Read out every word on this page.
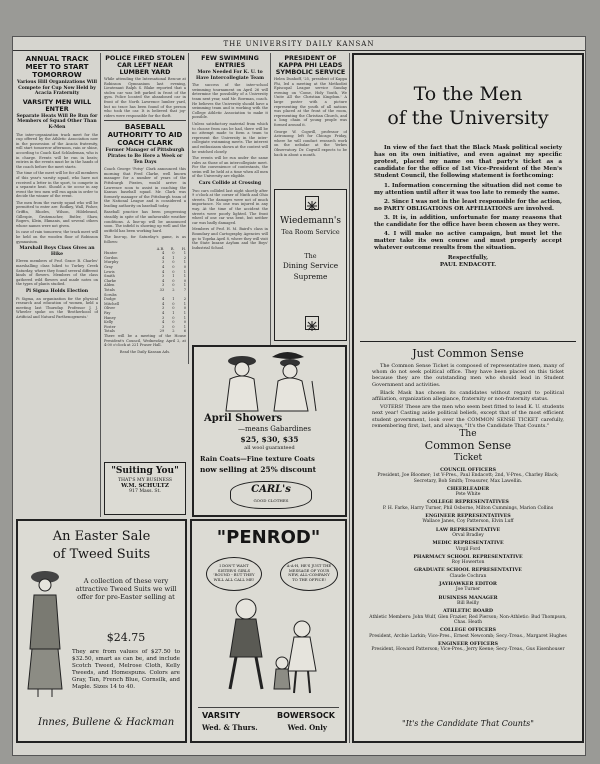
THE UNIVERSITY DAILY KANSAN
ANNUAL TRACK MEET TO START TOMORROW
Various Hill Organizations Will Compete for Cup Now Held by Acacia Fraternity
VARSITY MEN WILL ENTER
Separate Heats Will Be Run for Members of Squad Other Than K-Men

The inter-organization track meet for the cup offered by the Athletic Association now in the possession of the Acacia fraternity, will start tomorrow afternoon, rain or shine, according to Coach Karl Schlademan, who is in charge. Events will be run in heats; entries in the events must be in the hands of the coach before the meet starts.

The time of the meet will be for all members of this year's varsity squad, who have not received a letter in the sport, to compete in a separate heat. Should a tie occur in any event the two men will run again in order to decide the winner of the event.

The men from the varsity squad who will be permitted to enter are: Rodkey, Wall, Fisher, Griffin, Rhodes, Wilson, Hildebrand, Gillespie, Grutzmacher, Butler, Shaw, Rogers, Klein, Ekmanis, and several others whose names were not given.

In case of rain tomorrow, the track meet will be held on the wooden floor of Robinson gymnasium.

Marshall Boys Class Gives an Hike

Eleven members of Prof. Grace B. Charles' marshalling class hiked to Turkey Creek Saturday, where they found several different kinds of flowers. Members of the class gathered wild flowers and made notes on the types of plants studied.

Pi Sigma Holds Election

Pi Sigma, an organization for the physical research and education of women, held a meeting last Thursday. Professor J. J. Wheeler spoke on the 'Brotherhood of Artificial and Natural Parthenogenesis.'

POLICE FIRED STOLEN CAR LEFT NEAR LUMBER YARD

While attending the International Rescue at Robinson Gymnasium last evening, Lieutenant Ralph S. Blake reported that a stolen car was left parked in front of the gym. Police located the abandoned car in front of the North Lawrence lumber yard, but no trace has been found of the person who took the car. It is believed that joy-riders were responsible for the theft.

BASEBALL AUTHORITY TO AID COACH CLARK
Former Manager of Pittsburgh Pirates to Be Here a Week or Ten Days

Coach George 'Potsy' Clark announced this morning that Fred Clarke, well known manager for a number of years of the Pittsburgh Pirates, would arrive in Lawrence soon to assist in coaching the Kansas baseball squad. Mr. Clark was formerly manager of the Pittsburgh team of the National League and is considered a leading authority on baseball today.

Baseball practice has been progressing steadily in spite of the unfavorable weather conditions. A line-up will be announced soon. The infield is showing up well and the outfield has been working hard.

The line-up, for Saturday's game, is as follows:

	A.B.	R.	H.
Hunter	4	0	1
Gordon	4	1	2
Murphy	3	0	1
Gray	4	0	0
Lewis	4	0	1
Smith	3	1	1
Clarke	4	0	0
Alden	3	0	1
Totals	33	2	7
Scrubs			
Dodge	4	1	2
Mitchell	4	0	1
Oliver	3	0	0
Fay	4	1	1
Haney	3	0	1
Kelly	4	0	0
Foster	3	0	1
Totals	29	2	6

There will be a meeting of the House President's Council, Wednesday, April 2, at 4:00 o'clock at 221 Fraser Hall.

Read the Daily Kansan Ads.

"Suiting You"
THAT'S MY BUSINESS
W.M. SCHULTZ
917 Mass. St.
FEW SWIMMING ENTRIES
More Needed For K. U. to Have Intercollegiate Team

The success of the inter-school swimming tournament on April 26 will determine the possibility of a University team next year, said Mr. Bowman, coach. He believes the University should have a swimming team and is working with the College Athletic Association to make it possible.

Unless satisfactory material from which to choose from can be had, there will be no attempt made to form a team to represent the University in the inter-collegiate swimming meets. The interest and enthusiasm shown at the contest will be watched closely.

The events will be run under the same rules as those of an intercollegiate meet. For the convenience of contestants, the swim will be held at a time when all men of the University are eligible.

Cars Collide at Crossing

Two cars collided last night shortly after 9 o'clock at the corner of Ninth and Ohio streets. The damages were not of much importance. No one was injured in any way. At the time of the accident the streets were poorly lighted. The front wheel of one car was bent, but neither car was badly damaged.

Members of Prof. H. M. Baird's class in Boundary and Cartography Agencies will go to Topeka April 8, where they will visit the State Insane Asylum and the Boys' Industrial School.

PRESIDENT OF KAPPA PHI LEADS SYMBOLIC SERVICE

Helen Dunhoff, '25, president of Kappa Phi, led a meeting at the Methodist Episcopal League service Sunday evening on 'Come, Holy Youth, We Unite All the Christian Kingdom.' A large poster with a picture representing the youth of all nations was placed at the front of the room, representing the Christian Church, and a long chain of young people was formed around it.

George W. Cogwill, professor of Astronomy, left for Chicago Friday, where he will conduct research work on the nebulae at the Yerkes Observatory. Dr. Cogwill expects to be back in about a month.

Wiedemann's
Tea Room Service
The
Dining Service
Supreme
April Showers
—means Gabardines
$25, $30, $35
all wool guaranteed
Rain Coats—Fine texture Coats
now selling at 25% discount
CARL's
GOOD CLOTHES
An Easter Sale
of Tweed Suits
A collection of these very attractive Tweed Suits we will offer for pre-Easter selling at
$24.75
They are from values of $27.50 to $32.50, smart as can be, and include Scotch Tweed, Melrose Cloth, Kelly Tweeds, and Homespuns. Colors are Gray, Tan, French Blue, Cornsilk, and Maple. Sizes 14 to 40.
Innes, Bullene & Hackman
"PENROD"
I DON'T WANT SISTER'S GIRLS 'ROUND - BUT THEY WILL ALL CALL ME!
A-A-H, HE'S JUST THE MESSAGE OF YOUR NEW, ALL-COMPANY TO THE OFFICE!
VARSITY
Wed. & Thurs.
BOWERSOCK
Wed. Only
To the Men
of the University

In view of the fact that the Black Mask political society has on its own initiative, and even against my specific protest, placed my name on that party's ticket as a candidate for the office of 1st Vice-President of the Men's Student Council, the following statement is forthcoming:

1. Information concerning the situation did not come to my attention until after it was too late to remedy the same.

2. Since I was not in the least responsible for the action, no PARTY OBLIGATIONS OR AFFILIATIONS are involved.

3. It is, in addition, unfortunate for many reasons that the candidate for the office have been chosen as they were.

4. I will make no active campaign, but must let the matter take its own course and must properly accept whatever outcome results from the situation.

Respectfully,
PAUL ENDACOTT.
Just Common Sense

The Common Sense Ticket is composed of representative men, many of whom do not seek political office. They have been placed on this ticket because they are the outstanding men who should lead in Student Government and activities.

Black Mask has chosen its candidates without regard to political affiliation, organization allegiance, fraternity or non-fraternity status.

VOTERS! These are the men who seem best fitted to lead K. U. students next year! Casting aside political beliefs, except that of the most efficient student government, look over the COMMON SENSE TICKET carefully, remembering first, last, and always, "It's the Candidate That Counts."

The
Common Sense
Ticket
COUNCIL OFFICERS
President, Joe Bloomer; 1st V-Pres., Paul Endacott; 2nd, V-Pres., Charley Black; Secretary, Bob Smith; Treasurer, Max Lawellin.
CHEERLEADER
Pete White
COLLEGE REPRESENTATIVES
P. H. Farke, Harry Turner, Phil Osborne, Milton Cummings, Marion Collins
ENGINEER REPRESENTATIVES
Wallace Janes, Coy Patterson, Elvin Luff
LAW REPRESENTATIVE
Orval Bradley
MEDIC REPRESENTATIVE
Virgil Ford
PHARMACY SCHOOL REPRESENTATIVE
Roy Howerton
GRADUATE SCHOOL REPRESENTATIVE
Claude Cochran
JAYHAWKER EDITOR
Joe Turner
BUSINESS MANAGER
Bill Reilly
ATHLETIC BOARD
Athletic Members: John Wulf, Glen Frazier, Red Pierson; Non-Athletic: Bud Thompson, Chas. Heath
COLLEGE OFFICERS
President, Archie Larkin; Vice-Pres., Ernest Newcomb; Secy.-Treas., Margaret Hughes
ENGINEER OFFICERS
President, Howard Patterson; Vice-Pres., Jerry Keene; Secy.-Treas., Gus Eisenhouser
"It's the Candidate That Counts"
